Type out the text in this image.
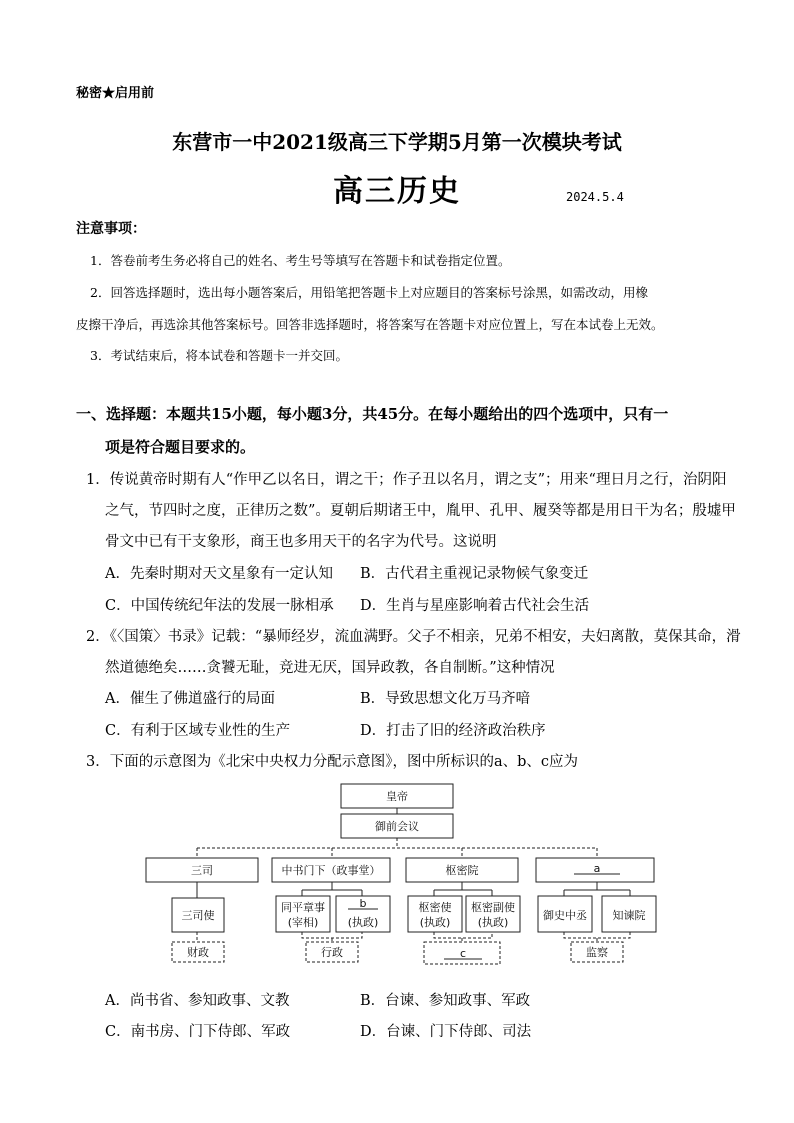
秘密★启用前
东营市一中2021级高三下学期5月第一次模块考试
高三历史	2024.5.4
注意事项：
1．答卷前考生务必将自己的姓名、考生号等填写在答题卡和试卷指定位置。
2．回答选择题时，选出每小题答案后，用铅笔把答题卡上对应题目的答案标号涂黑，如需改动，用橡
皮擦干净后，再选涂其他答案标号。回答非选择题时，将答案写在答题卡对应位置上，写在本试卷上无效。
3．考试结束后，将本试卷和答题卡一并交回。
一、选择题：本题共15小题，每小题3分，共45分。在每小题给出的四个选项中，只有一
项是符合题目要求的。
1．传说黄帝时期有人“作甲乙以名日，谓之干；作子丑以名月，谓之支”；用来“理日月之行，治阴阳
之气，节四时之度，正律历之数”。夏朝后期诸王中，胤甲、孔甲、履癸等都是用日干为名；殷墟甲
骨文中已有干支象形，商王也多用天干的名字为代号。这说明
A．先秦时期对天文星象有一定认知 B．古代君主重视记录物候气象变迁
C．中国传统纪年法的发展一脉相承 D．生肖与星座影响着古代社会生活
2．《〈国策〉书录》记载：“暴师经岁，流血满野。父子不相亲，兄弟不相安，夫妇离散，莫保其命，滑
然道德绝矣……贪饕无耻，竞进无厌，国异政教，各自制断。”这种情况
A．催生了佛道盛行的局面	B．导致思想文化万马齐喑
C．有利于区域专业性的生产	D．打击了旧的经济政治秩序
3．下面的示意图为《北宋中央权力分配示意图》，图中所标识的a、b、c应为
皇帝
御前会议
三司	中书门下（政事堂）	枢密院	a
三司使
同平章事
(宰相)
b
(执政)
枢密使
(执政)
枢密副使
(执政)
御史中丞 知谏院
财政	行政	c	监察
A．尚书省、参知政事、文教	B．台谏、参知政事、军政
C．南书房、门下侍郎、军政	D．台谏、门下侍郎、司法
